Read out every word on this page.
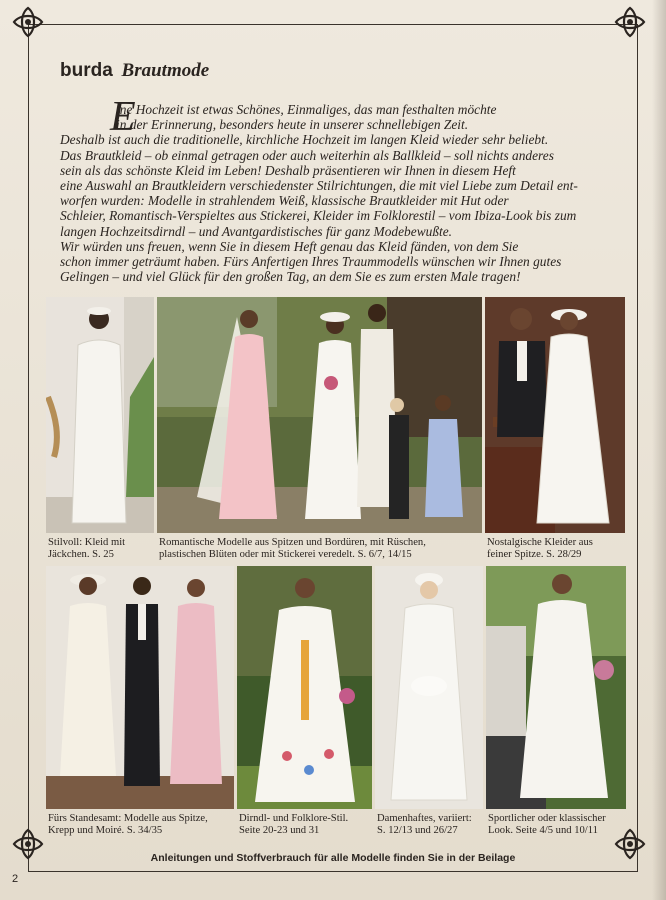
burda Brautmode
E
ine Hochzeit ist etwas Schönes, Einmaliges, das man festhalten möchte
in der Erinnerung, besonders heute in unserer schnellebigen Zeit.
Deshalb ist auch die traditionelle, kirchliche Hochzeit im langen Kleid wieder sehr beliebt.
Das Brautkleid – ob einmal getragen oder auch weiterhin als Ballkleid – soll nichts anderes
sein als das schönste Kleid im Leben! Deshalb präsentieren wir Ihnen in diesem Heft
eine Auswahl an Brautkleidern verschiedenster Stilrichtungen, die mit viel Liebe zum Detail ent-
worfen wurden: Modelle in strahlendem Weiß, klassische Brautkleider mit Hut oder
Schleier, Romantisch-Verspieltes aus Stickerei, Kleider im Folklorestil – vom Ibiza-Look bis zum
langen Hochzeitsdirndl – und Avantgardistisches für ganz Modebewußte.
Wir würden uns freuen, wenn Sie in diesem Heft genau das Kleid fänden, von dem Sie
schon immer geträumt haben. Fürs Anfertigen Ihres Traummodells wünschen wir Ihnen gutes
Gelingen – und viel Glück für den großen Tag, an dem Sie es zum ersten Male tragen!
Stilvoll: Kleid mit
Jäckchen. S. 25
Romantische Modelle aus Spitzen und Bordüren, mit Rüschen,
plastischen Blüten oder mit Stickerei veredelt. S. 6/7, 14/15
Nostalgische Kleider aus
feiner Spitze. S. 28/29
Fürs Standesamt: Modelle aus Spitze,
Krepp und Moiré. S. 34/35
Dirndl- und Folklore-Stil.
Seite 20-23 und 31
Damenhaftes, variiert:
S. 12/13 und 26/27
Sportlicher oder klassischer
Look. Seite 4/5 und 10/11
Anleitungen und Stoffverbrauch für alle Modelle finden Sie in der Beilage
2
